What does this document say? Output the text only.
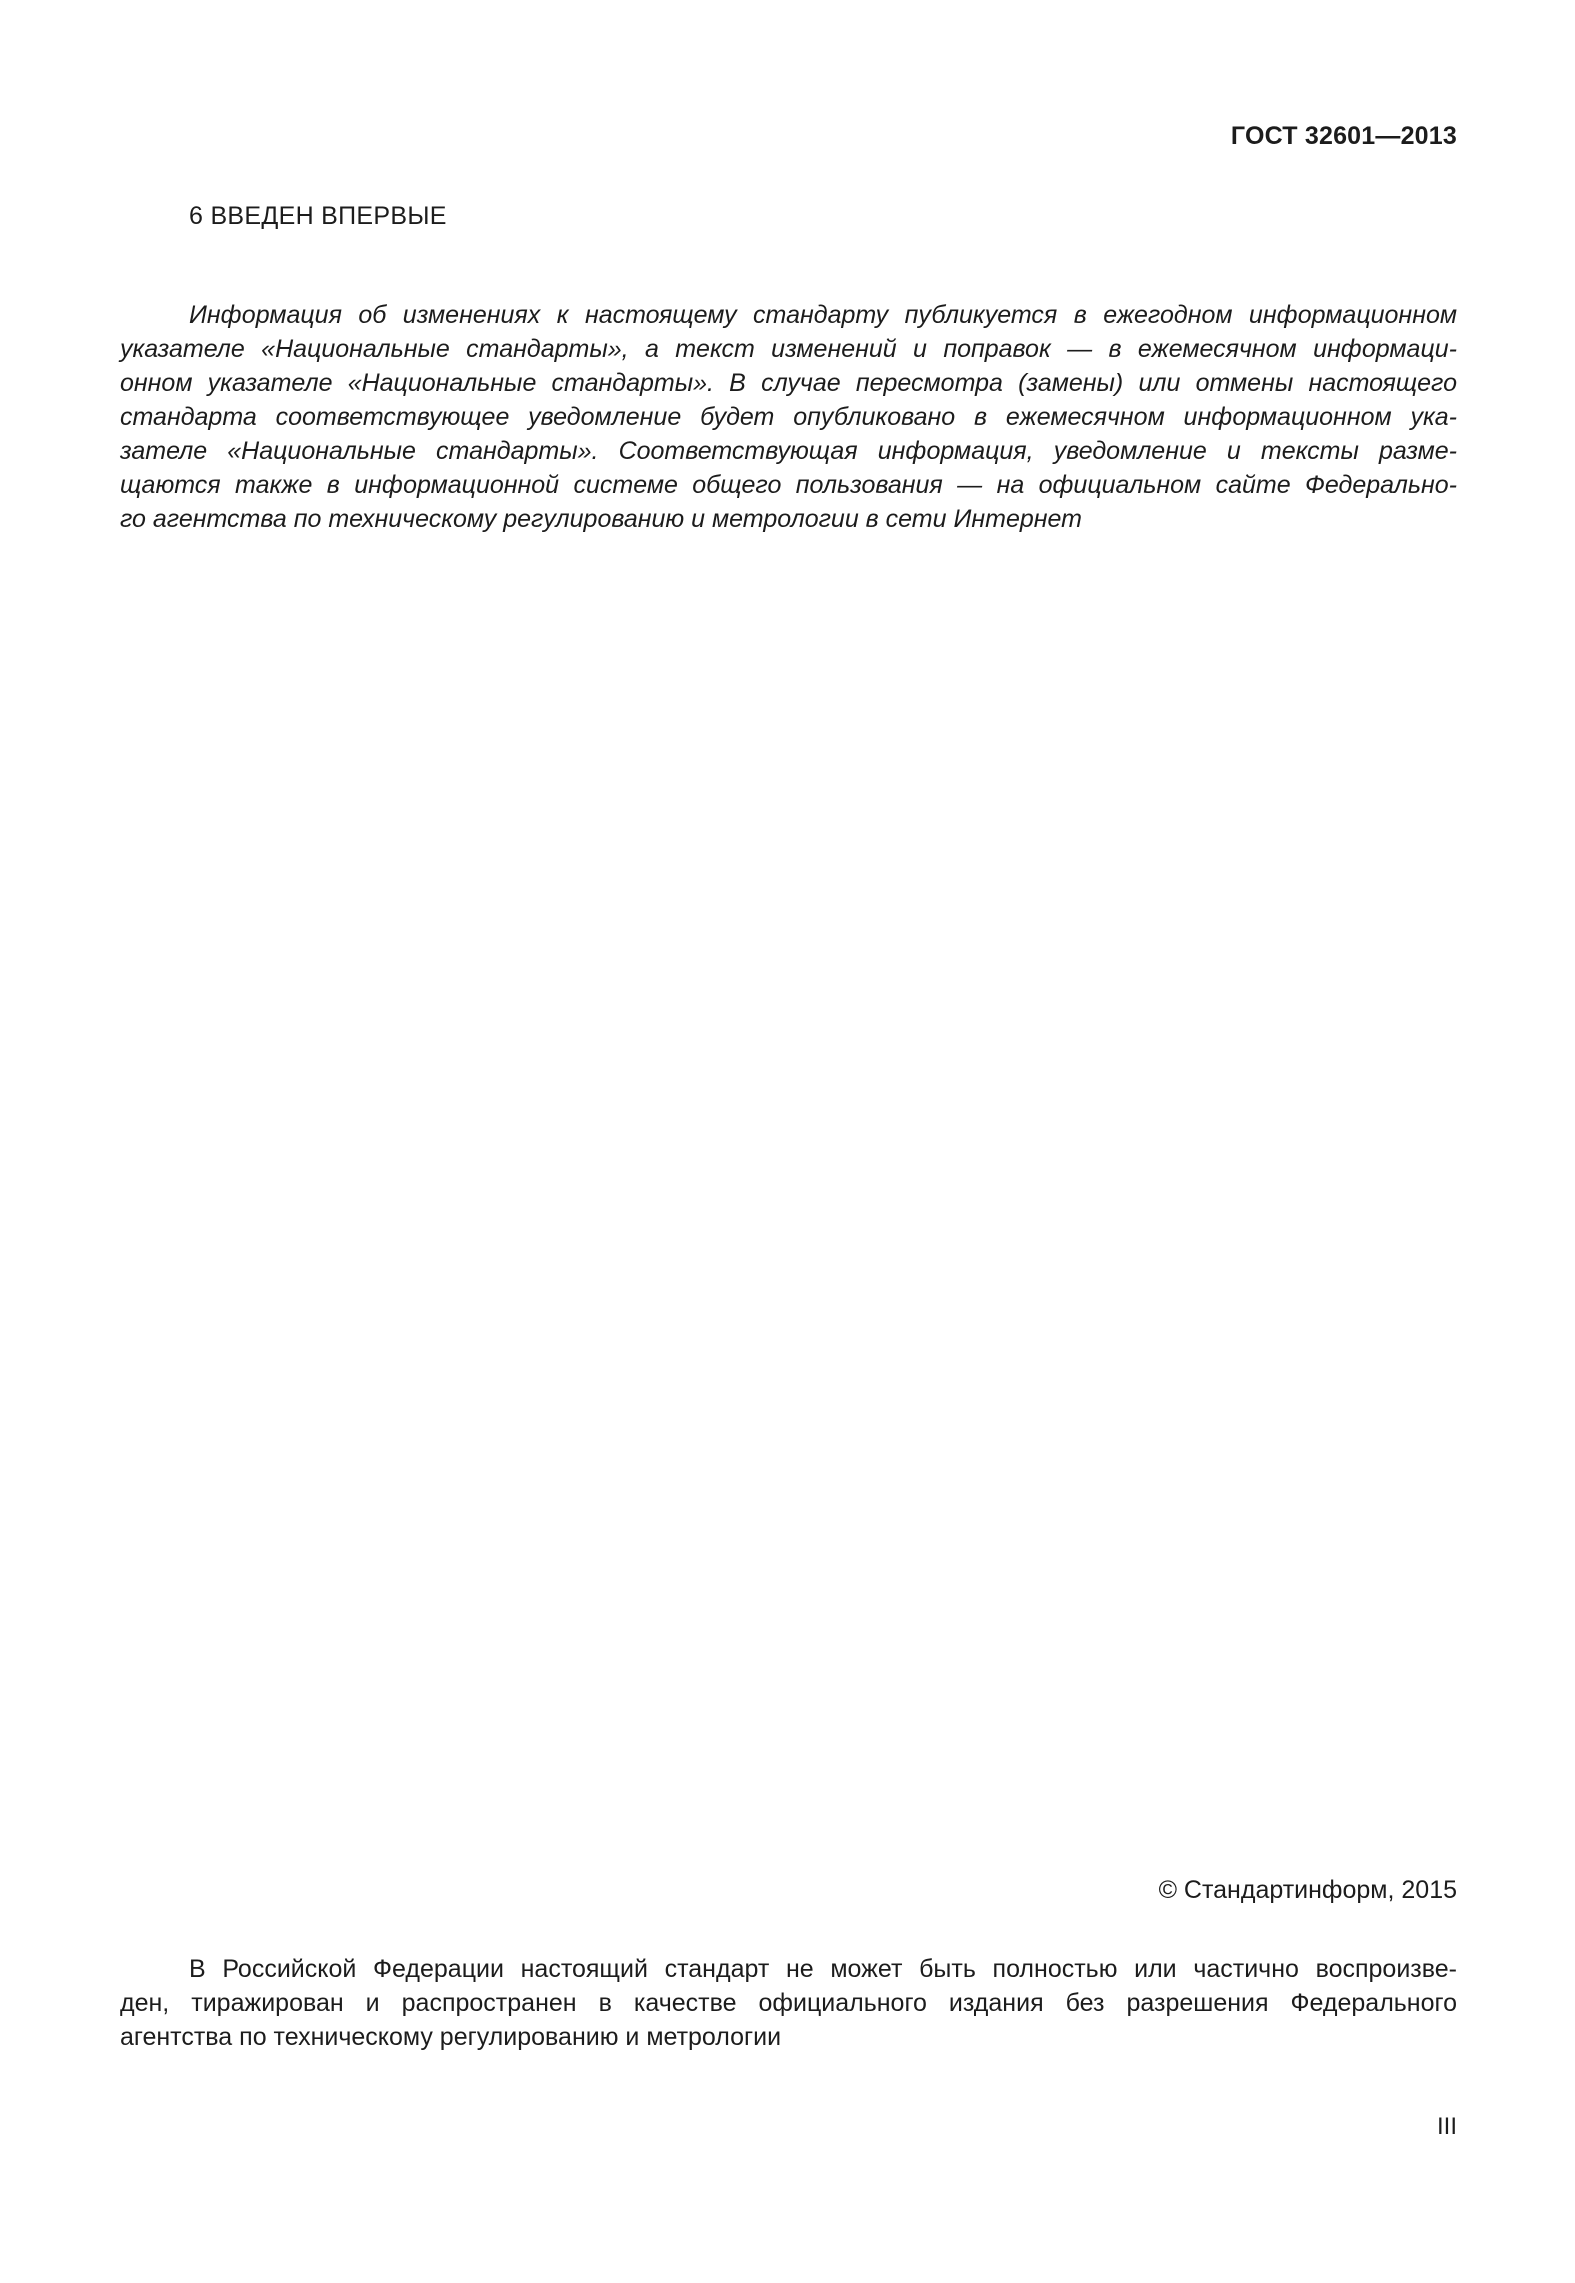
ГОСТ 32601—2013
6 ВВЕДЕН ВПЕРВЫЕ
Информация об изменениях к настоящему стандарту публикуется в ежегодном информационном
указателе «Национальные стандарты», а текст изменений и поправок — в ежемесячном информаци-
онном указателе «Национальные стандарты». В случае пересмотра (замены) или отмены настоящего
стандарта соответствующее уведомление будет опубликовано в ежемесячном информационном ука-
зателе «Национальные стандарты». Соответствующая информация, уведомление и тексты разме-
щаются также в информационной системе общего пользования — на официальном сайте Федерально-
го агентства по техническому регулированию и метрологии в сети Интернет
© Стандартинформ, 2015
В Российской Федерации настоящий стандарт не может быть полностью или частично воспроизве-
ден, тиражирован и распространен в качестве официального издания без разрешения Федерального
агентства по техническому регулированию и метрологии
III
